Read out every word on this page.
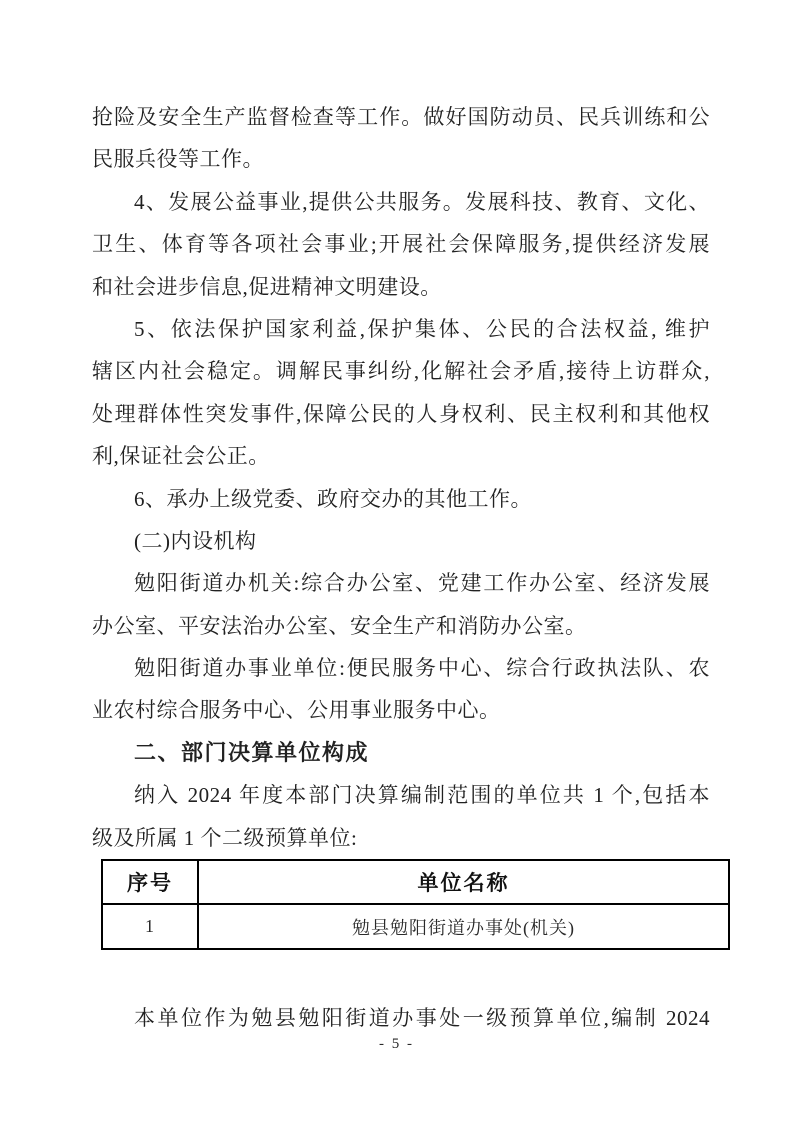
抢险及安全生产监督检查等工作。做好国防动员、民兵训练和公
民服兵役等工作。
4、发展公益事业,提供公共服务。发展科技、教育、文化、
卫生、体育等各项社会事业;开展社会保障服务,提供经济发展
和社会进步信息,促进精神文明建设。
5、依法保护国家利益,保护集体、公民的合法权益, 维护
辖区内社会稳定。调解民事纠纷,化解社会矛盾,接待上访群众,
处理群体性突发事件,保障公民的人身权利、民主权利和其他权
利,保证社会公正。
6、承办上级党委、政府交办的其他工作。
(二)内设机构
勉阳街道办机关:综合办公室、党建工作办公室、经济发展
办公室、平安法治办公室、安全生产和消防办公室。
勉阳街道办事业单位:便民服务中心、综合行政执法队、农
业农村综合服务中心、公用事业服务中心。
二、部门决算单位构成
纳入 2024 年度本部门决算编制范围的单位共 1 个,包括本
级及所属 1 个二级预算单位:
序号	单位名称
1	勉县勉阳街道办事处(机关)
本单位作为勉县勉阳街道办事处一级预算单位,编制 2024
- 5 -
